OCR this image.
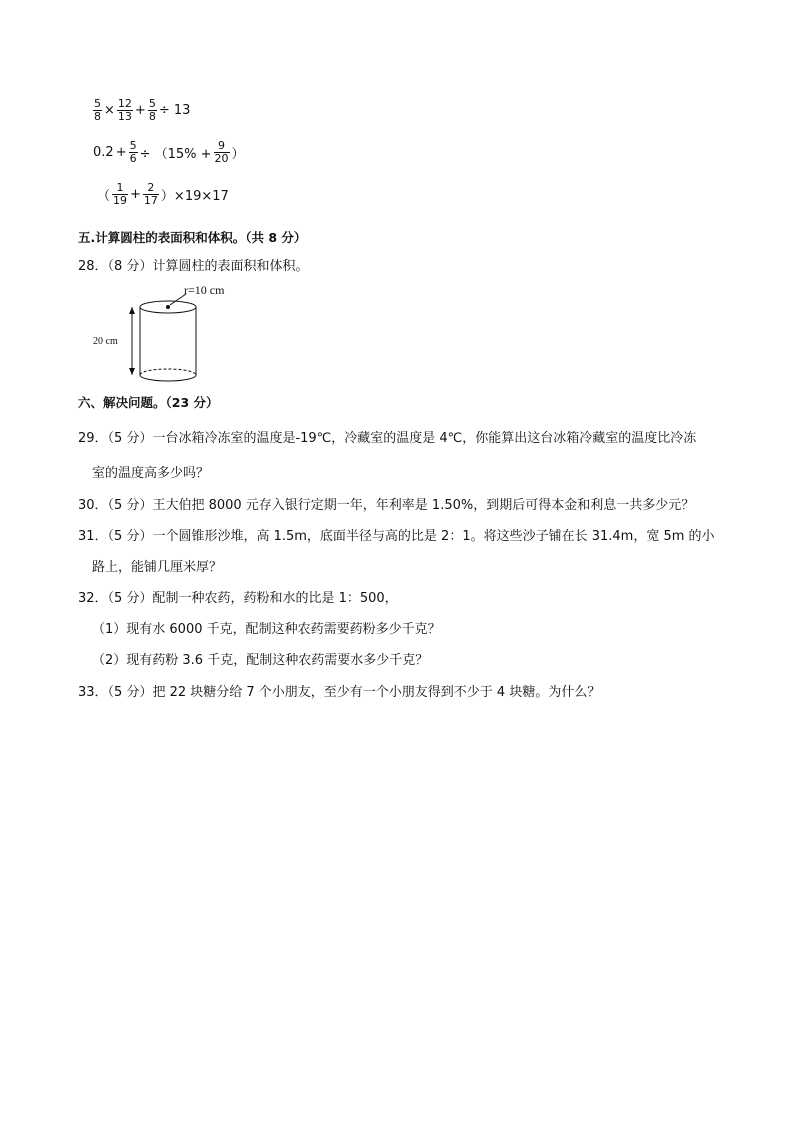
$\frac{5}{8} \times \frac{12}{13} + \frac{5}{8} \div 13$
$0.2 + \frac{5}{6} \div (15\% + \frac{9}{20}$ ）
（ $\frac{1}{19} + \frac{2}{17} )\times 19\times 17$
五.计算圆柱的表面积和体积。（共 8 分）
28．（8 分）计算圆柱的表面积和体积。
r=10 cm
20 cm
六、解决问题。（23 分）
29．（5 分）一台冰箱冷冻室的温度是-19℃，冷藏室的温度是 4℃，你能算出这台冰箱冷藏室的温度比冷冻
室的温度高多少吗？
30．（5 分）王大伯把 8000 元存入银行定期一年，年利率是 1.50%，到期后可得本金和利息一共多少元？
31．（5 分）一个圆锥形沙堆，高 1.5m，底面半径与高的比是 2：1。将这些沙子铺在长 31.4m，宽 5m 的小
路上，能铺几厘米厚？
32．（5 分）配制一种农药，药粉和水的比是 1：500，
（1）现有水 6000 千克，配制这种农药需要药粉多少千克？
（2）现有药粉 3.6 千克，配制这种农药需要水多少千克？
33．（5 分）把 22 块糖分给 7 个小朋友，至少有一个小朋友得到不少于 4 块糖。为什么？
